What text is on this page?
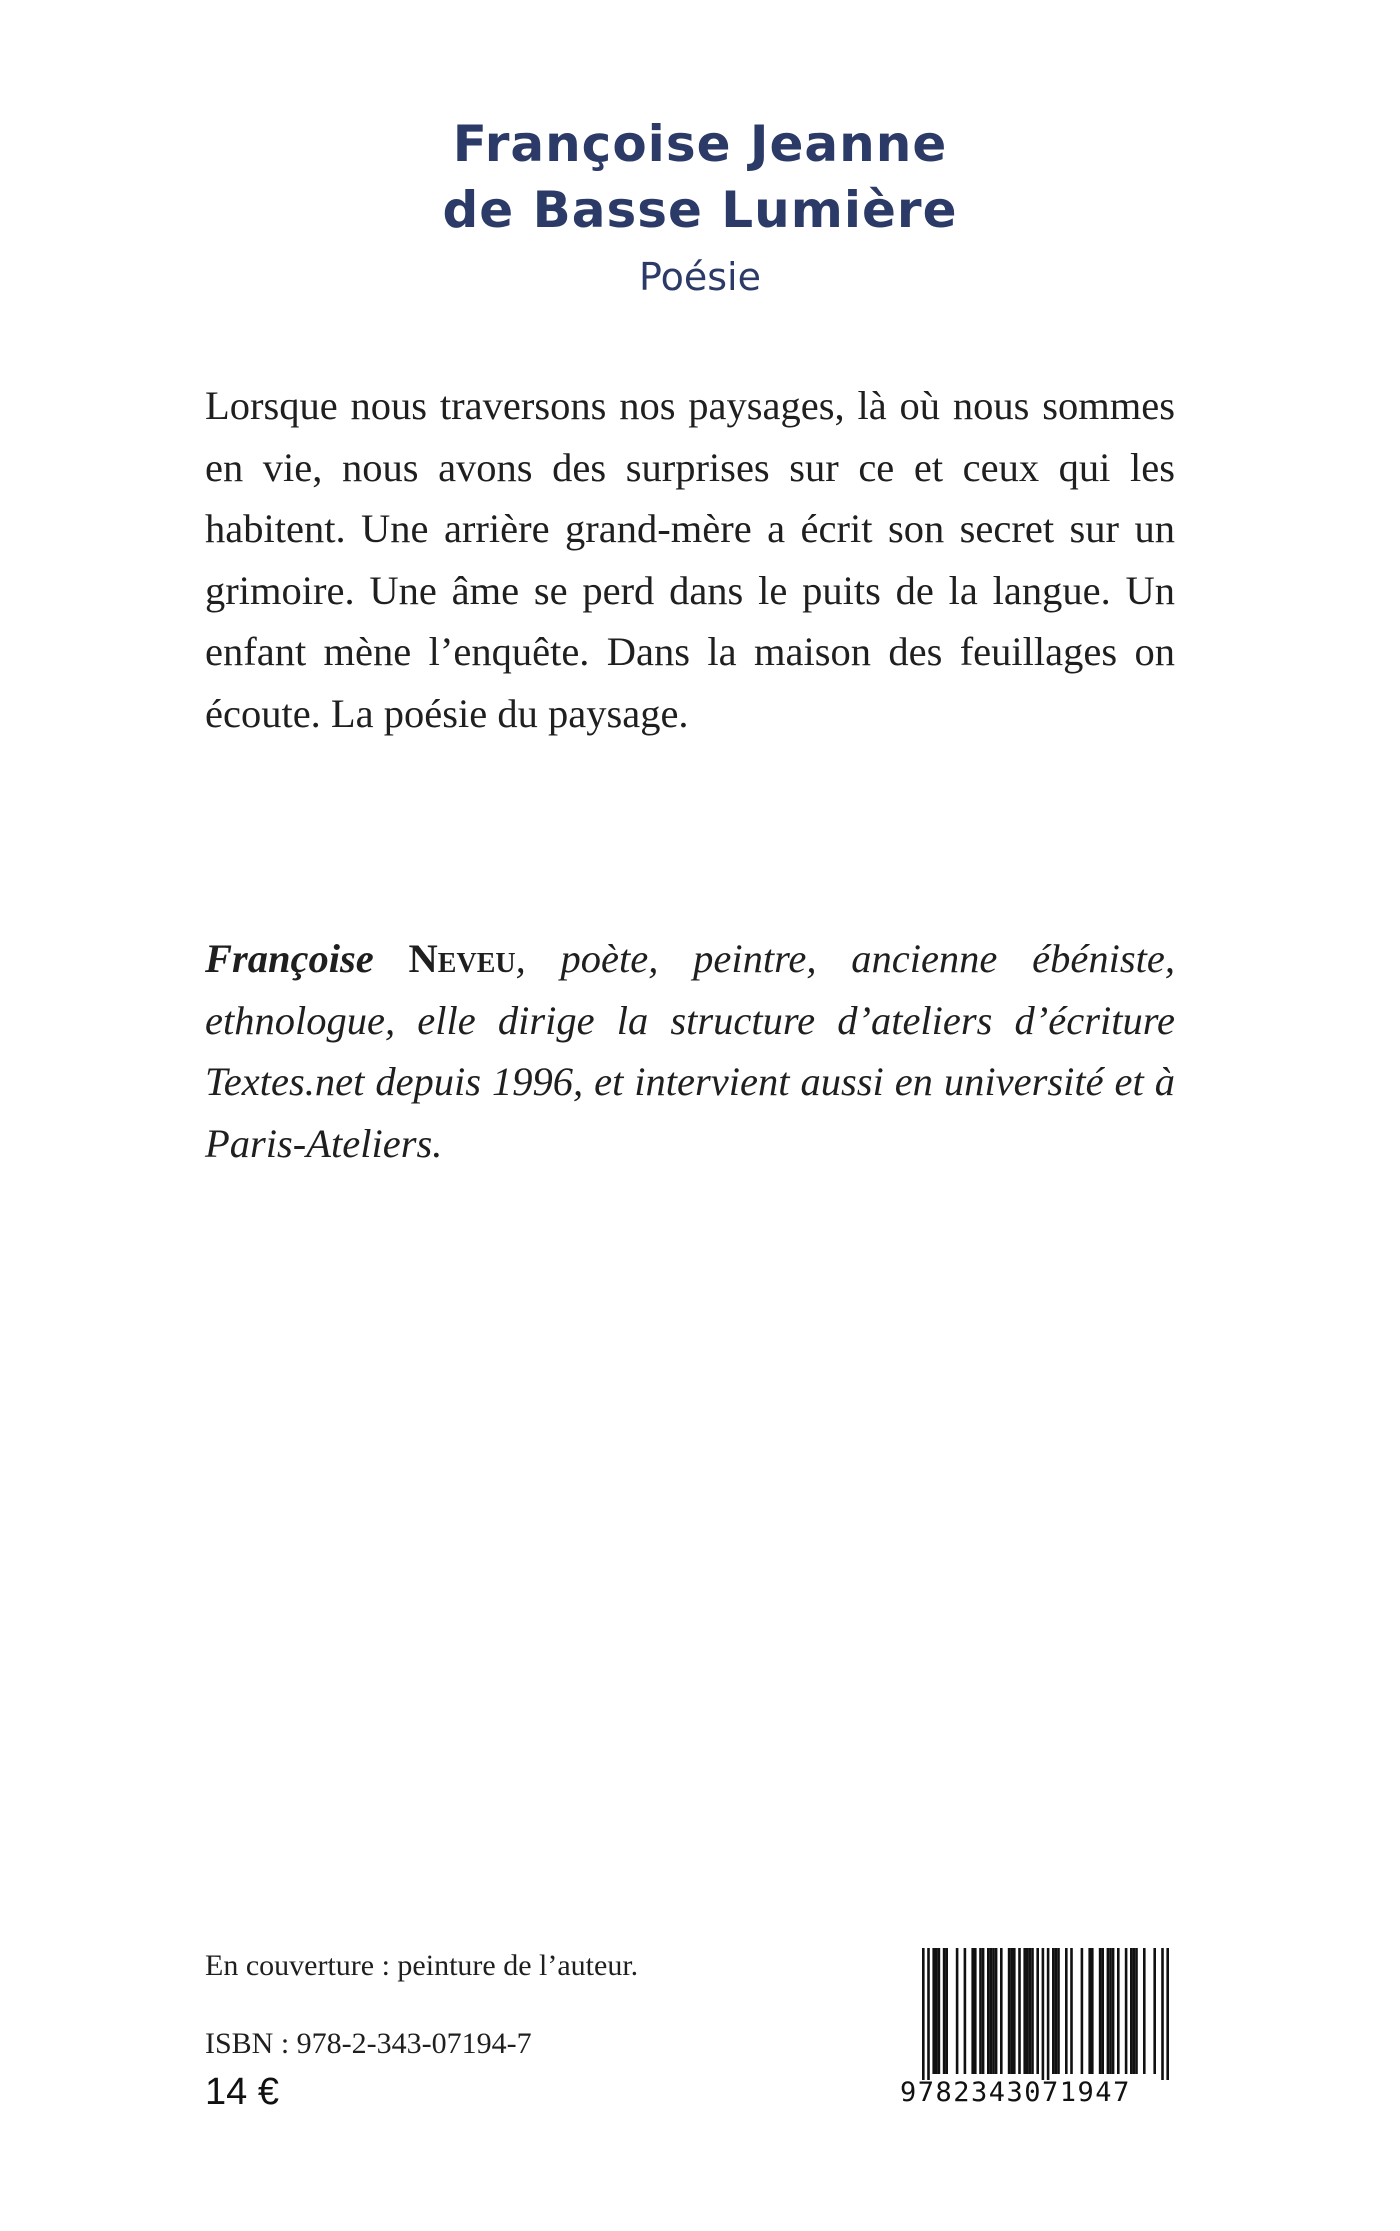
Françoise Jeanne
de Basse Lumière
Poésie

Lorsque nous traversons nos paysages, là où nous sommes en vie, nous avons des surprises sur ce et ceux qui les habitent. Une arrière grand-mère a écrit son secret sur un grimoire. Une âme se perd dans le puits de la langue. Un enfant mène l’enquête. Dans la maison des feuillages on écoute. La poésie du paysage.

Françoise Neveu, poète, peintre, ancienne ébéniste, ethnologue, elle dirige la structure d’ateliers d’écriture Textes.net depuis 1996, et intervient aussi en université et à Paris-Ateliers.

En couverture : peinture de l’auteur.
ISBN : 978-2-343-07194-7
14 €	9782343071947
